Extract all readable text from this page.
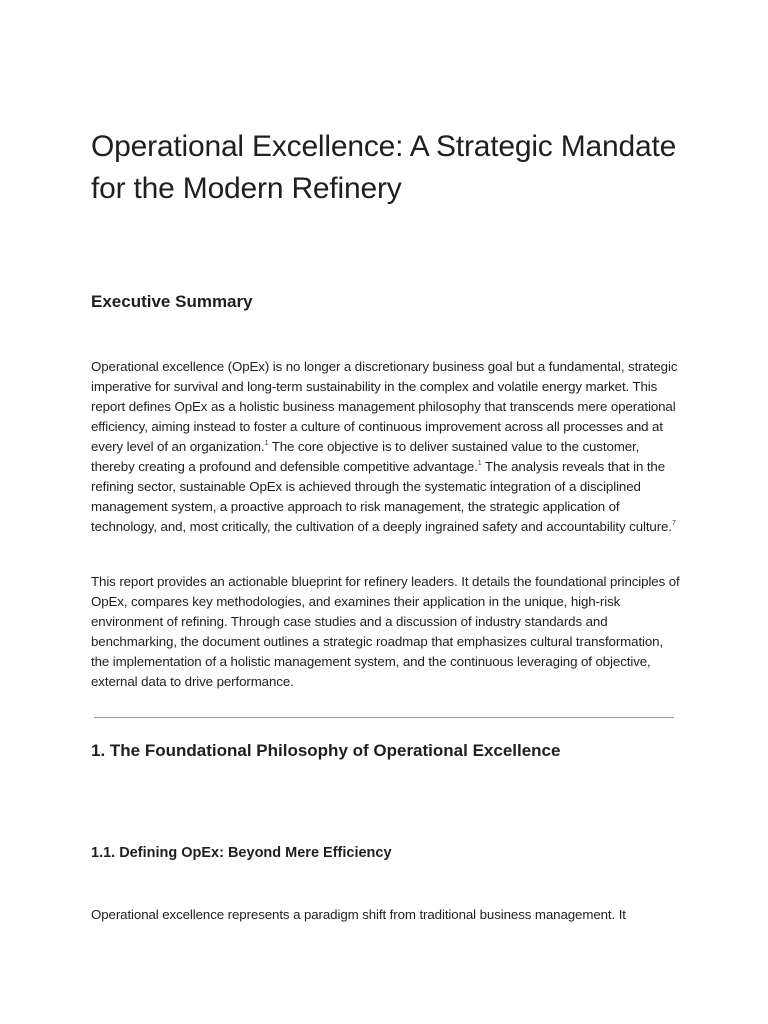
Operational Excellence: A Strategic Mandate for the Modern Refinery
Executive Summary

Operational excellence (OpEx) is no longer a discretionary business goal but a fundamental, strategic imperative for survival and long-term sustainability in the complex and volatile energy market. This report defines OpEx as a holistic business management philosophy that transcends mere operational efficiency, aiming instead to foster a culture of continuous improvement across all processes and at every level of an organization.$^1$ The core objective is to deliver sustained value to the customer, thereby creating a profound and defensible competitive advantage.$^1$ The analysis reveals that in the refining sector, sustainable OpEx is achieved through the systematic integration of a disciplined management system, a proactive approach to risk management, the strategic application of technology, and, most critically, the cultivation of a deeply ingrained safety and accountability culture.$^7$

This report provides an actionable blueprint for refinery leaders. It details the foundational principles of OpEx, compares key methodologies, and examines their application in the unique, high-risk environment of refining. Through case studies and a discussion of industry standards and benchmarking, the document outlines a strategic roadmap that emphasizes cultural transformation, the implementation of a holistic management system, and the continuous leveraging of objective, external data to drive performance.

1. The Foundational Philosophy of Operational Excellence
1.1. Defining OpEx: Beyond Mere Efficiency

Operational excellence represents a paradigm shift from traditional business management. It
